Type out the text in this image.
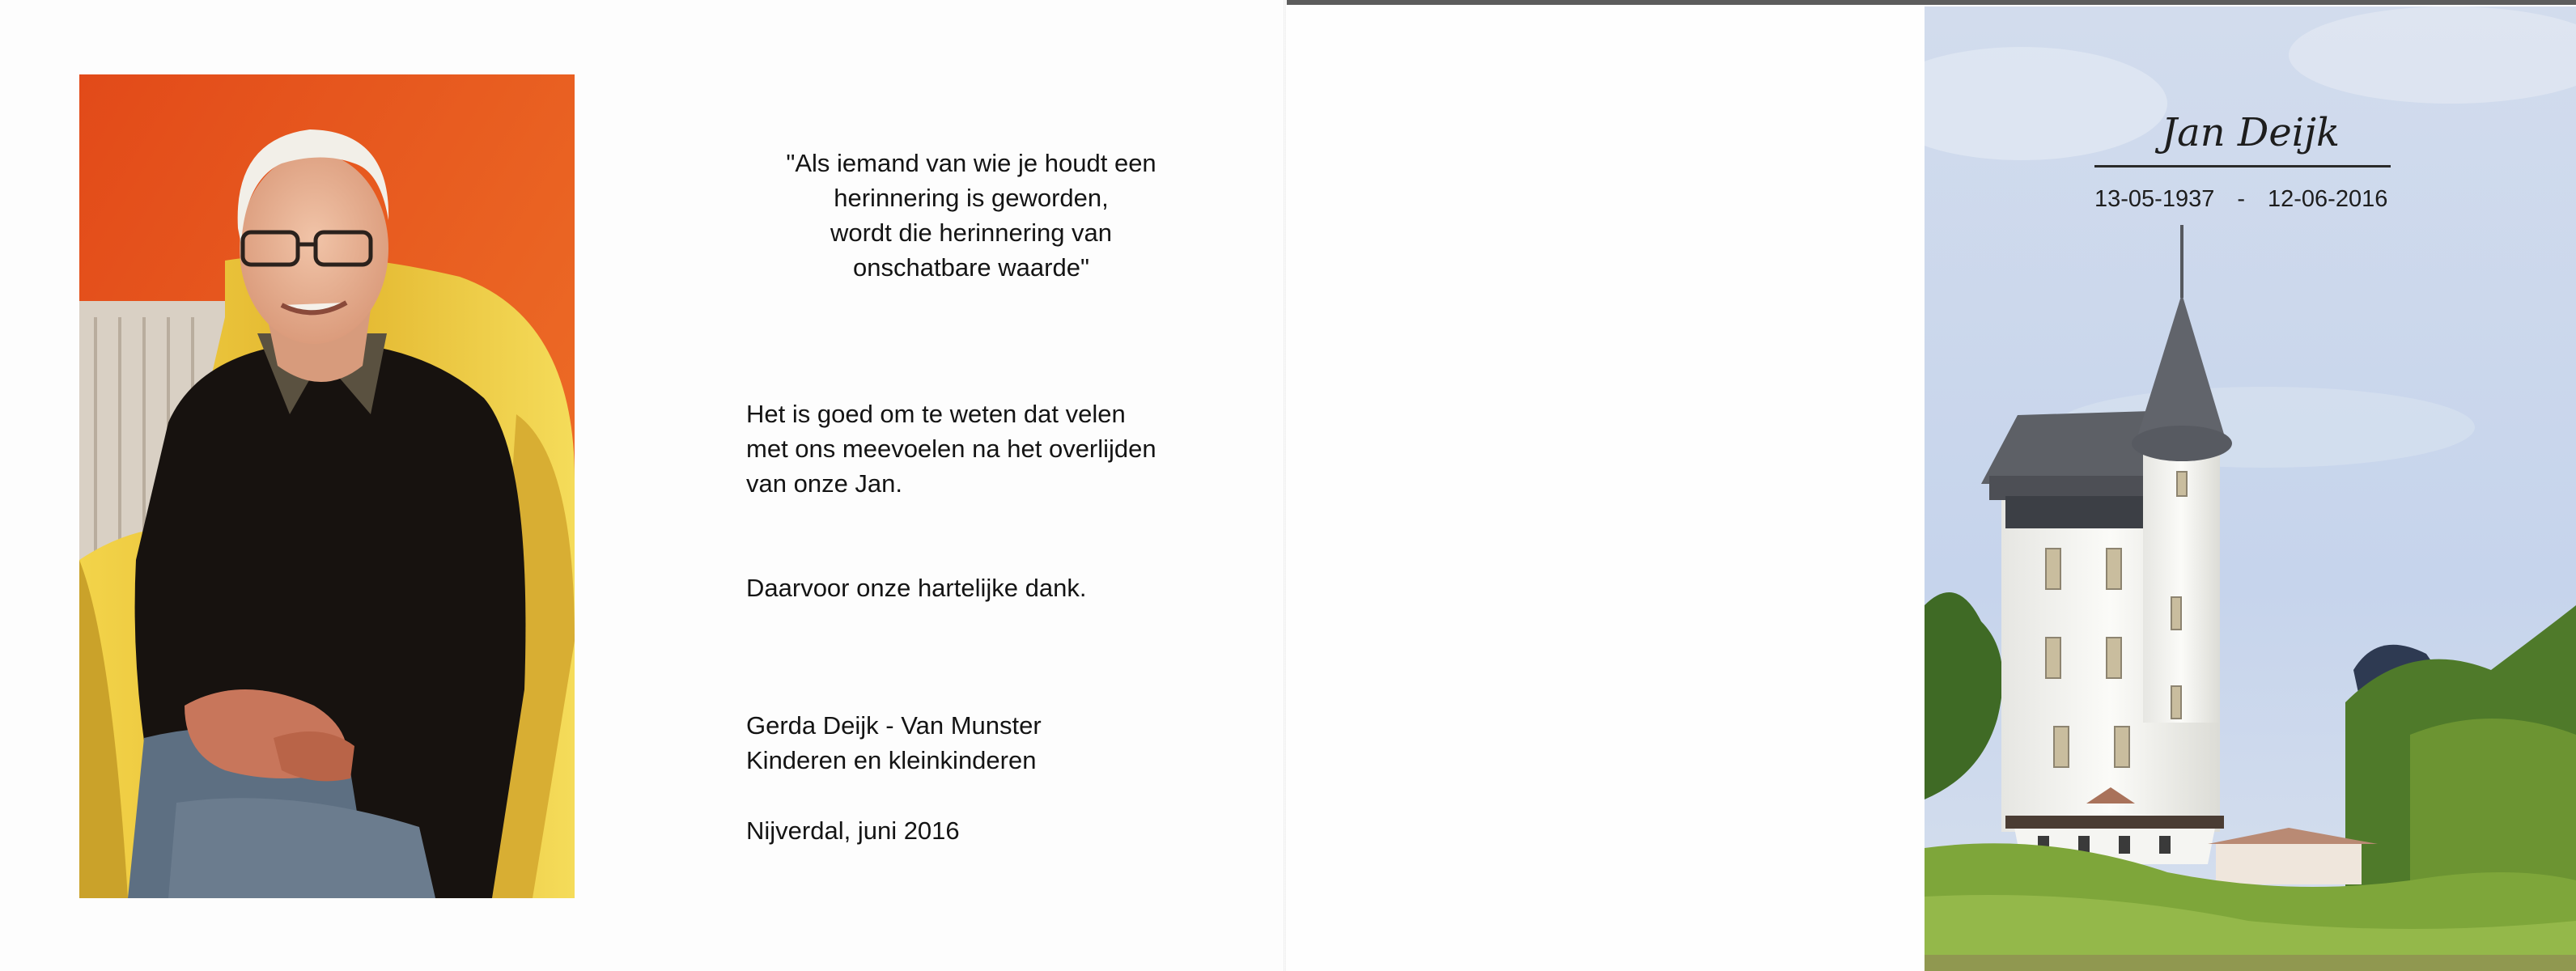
"Als iemand van wie je houdt een
herinnering is geworden,
wordt die herinnering van
onschatbare waarde"
Het is goed om te weten dat velen
met ons meevoelen na het overlijden
van onze Jan.
Daarvoor onze hartelijke dank.
Gerda Deijk - Van Munster
Kinderen en kleinkinderen
Nijverdal, juni 2016
Jan Deijk
13-05-1937 - 12-06-2016
